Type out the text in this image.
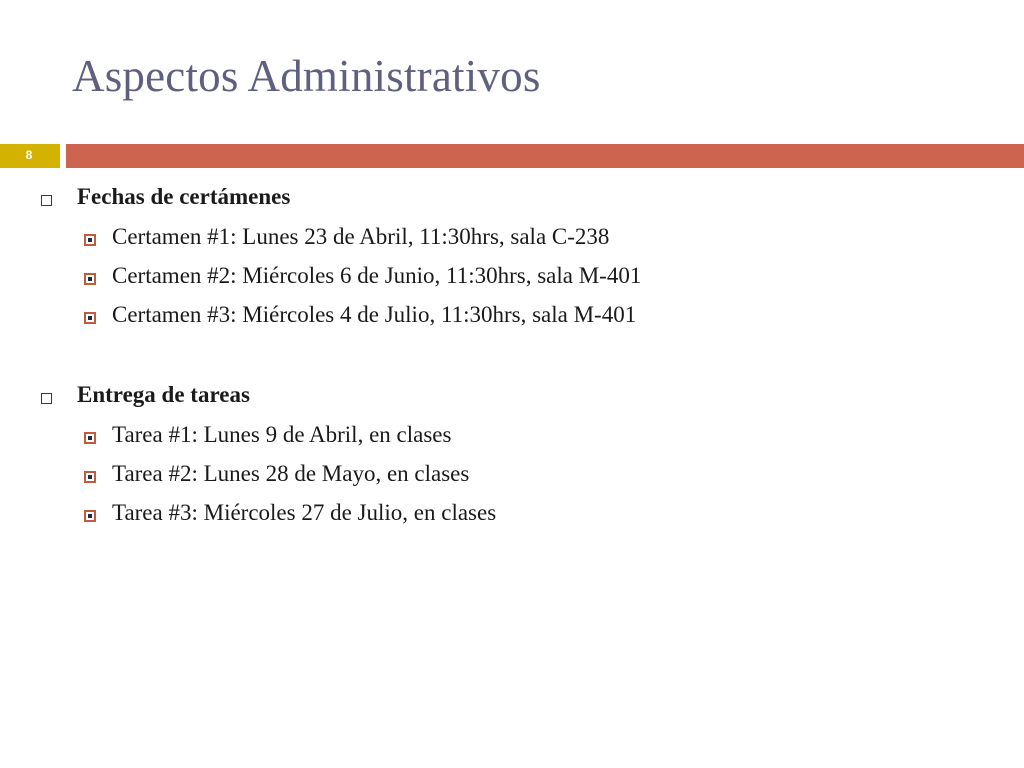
Aspectos Administrativos
8
Fechas de certámenes
Certamen #1: Lunes 23 de Abril, 11:30hrs, sala C-238
Certamen #2: Miércoles 6 de Junio, 11:30hrs, sala M-401
Certamen #3: Miércoles 4 de Julio, 11:30hrs, sala M-401
Entrega de tareas
Tarea #1: Lunes 9 de Abril, en clases
Tarea #2: Lunes 28 de Mayo, en clases
Tarea #3: Miércoles 27 de Julio, en clases
